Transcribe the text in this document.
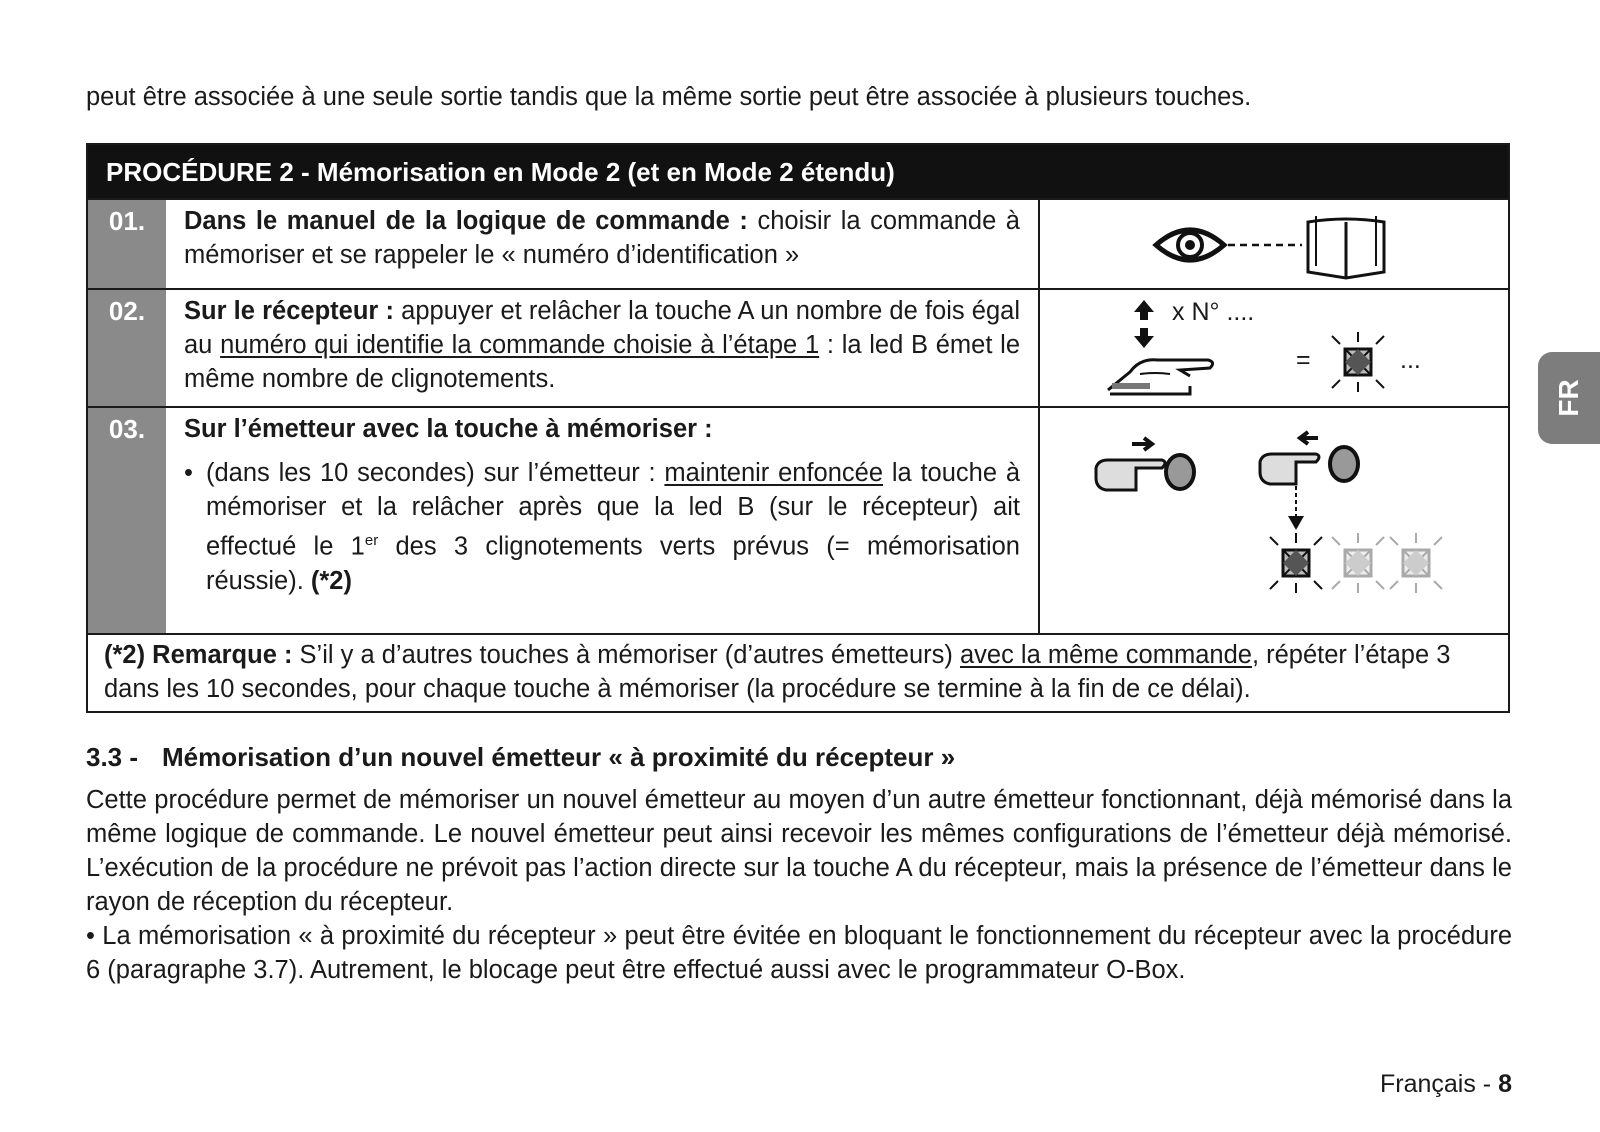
peut être associée à une seule sortie tandis que la même sortie peut être associée à plusieurs touches.

PROCÉDURE 2 - Mémorisation en Mode 2 (et en Mode 2 étendu)
01.	Dans le manuel de la logique de commande : choisir la commande à mémoriser et se rappeler le « numéro d’identification »
02.	Sur le récepteur : appuyer et relâcher la touche A un nombre de fois égal au numéro qui identifie la commande choisie à l’étape 1 : la led B émet le même nombre de clignotements.
x N° ....
=	...
03.	Sur l’émetteur avec la touche à mémoriser :
• (dans les 10 secondes) sur l’émetteur : maintenir enfoncée la touche à mémoriser et la relâcher après que la led B (sur le récepteur) ait effectué le 1er des 3 clignotements verts prévus (= mémorisation réussie). (*2)
(*2) Remarque : S’il y a d’autres touches à mémoriser (d’autres émetteurs) avec la même commande, répéter l’étape 3 dans les 10 secondes, pour chaque touche à mémoriser (la procédure se termine à la fin de ce délai).
3.3 - Mémorisation d’un nouvel émetteur « à proximité du récepteur »
Cette procédure permet de mémoriser un nouvel émetteur au moyen d’un autre émetteur fonctionnant, déjà mémorisé dans la même logique de commande. Le nouvel émetteur peut ainsi recevoir les mêmes configurations de l’émetteur déjà mémorisé. L’exécution de la procédure ne prévoit pas l’action directe sur la touche A du récepteur, mais la présence de l’émetteur dans le rayon de réception du récepteur.
• La mémorisation « à proximité du récepteur » peut être évitée en bloquant le fonctionnement du récepteur avec la procédure 6 (paragraphe 3.7). Autrement, le blocage peut être effectué aussi avec le programmateur O-Box.
FR
Français - 8
